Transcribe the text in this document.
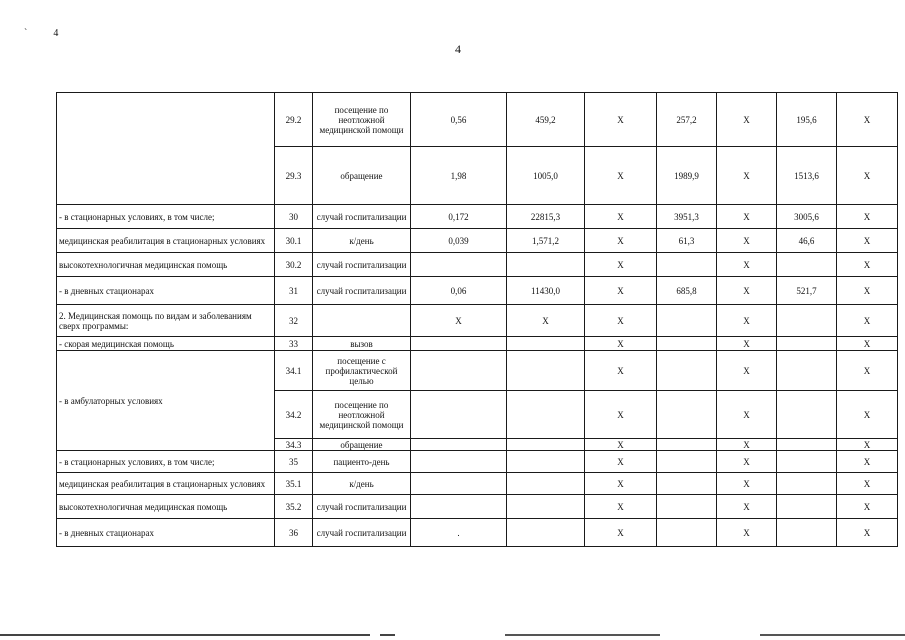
`4
4
	29.2	посещение по неотложной медицинской помощи	0,56	459,2	X	257,2	X	195,6	X
	29.3	обращение	1,98	1005,0	X	1989,9	X	1513,6	X
- в стационарных условиях, в том числе;	30	случай госпитализации	0,172	22815,3	X	3951,3	X	3005,6	X
медицинская реабилитация в стационарных условиях	30.1	к/день	0,039	1,571,2	X	61,3	X	46,6	X
высокотехнологичная медицинская помощь	30.2	случай госпитализации			X		X		X
- в дневных стационарах	31	случай госпитализации	0,06	11430,0	X	685,8	X	521,7	X
2. Медицинская помощь по видам и заболеваниям сверх программы:	32		X	X	X		X		X
- скорая медицинская помощь	33	вызов			X		X		X
- в амбулаторных условиях	34.1	посещение с профилактической целью			X		X		X
	34.2	посещение по неотложной медицинской помощи			X		X		X
	34.3	обращение			X		X		X
- в стационарных условиях, в том числе;	35	пациенто-день			X		X		X
медицинская реабилитация в стационарных условиях	35.1	к/день			X		X		X
высокотехнологичная медицинская помощь	35.2	случай госпитализации			X		X		X
- в дневных стационарах	36	случай госпитализации	.		X		X		X
